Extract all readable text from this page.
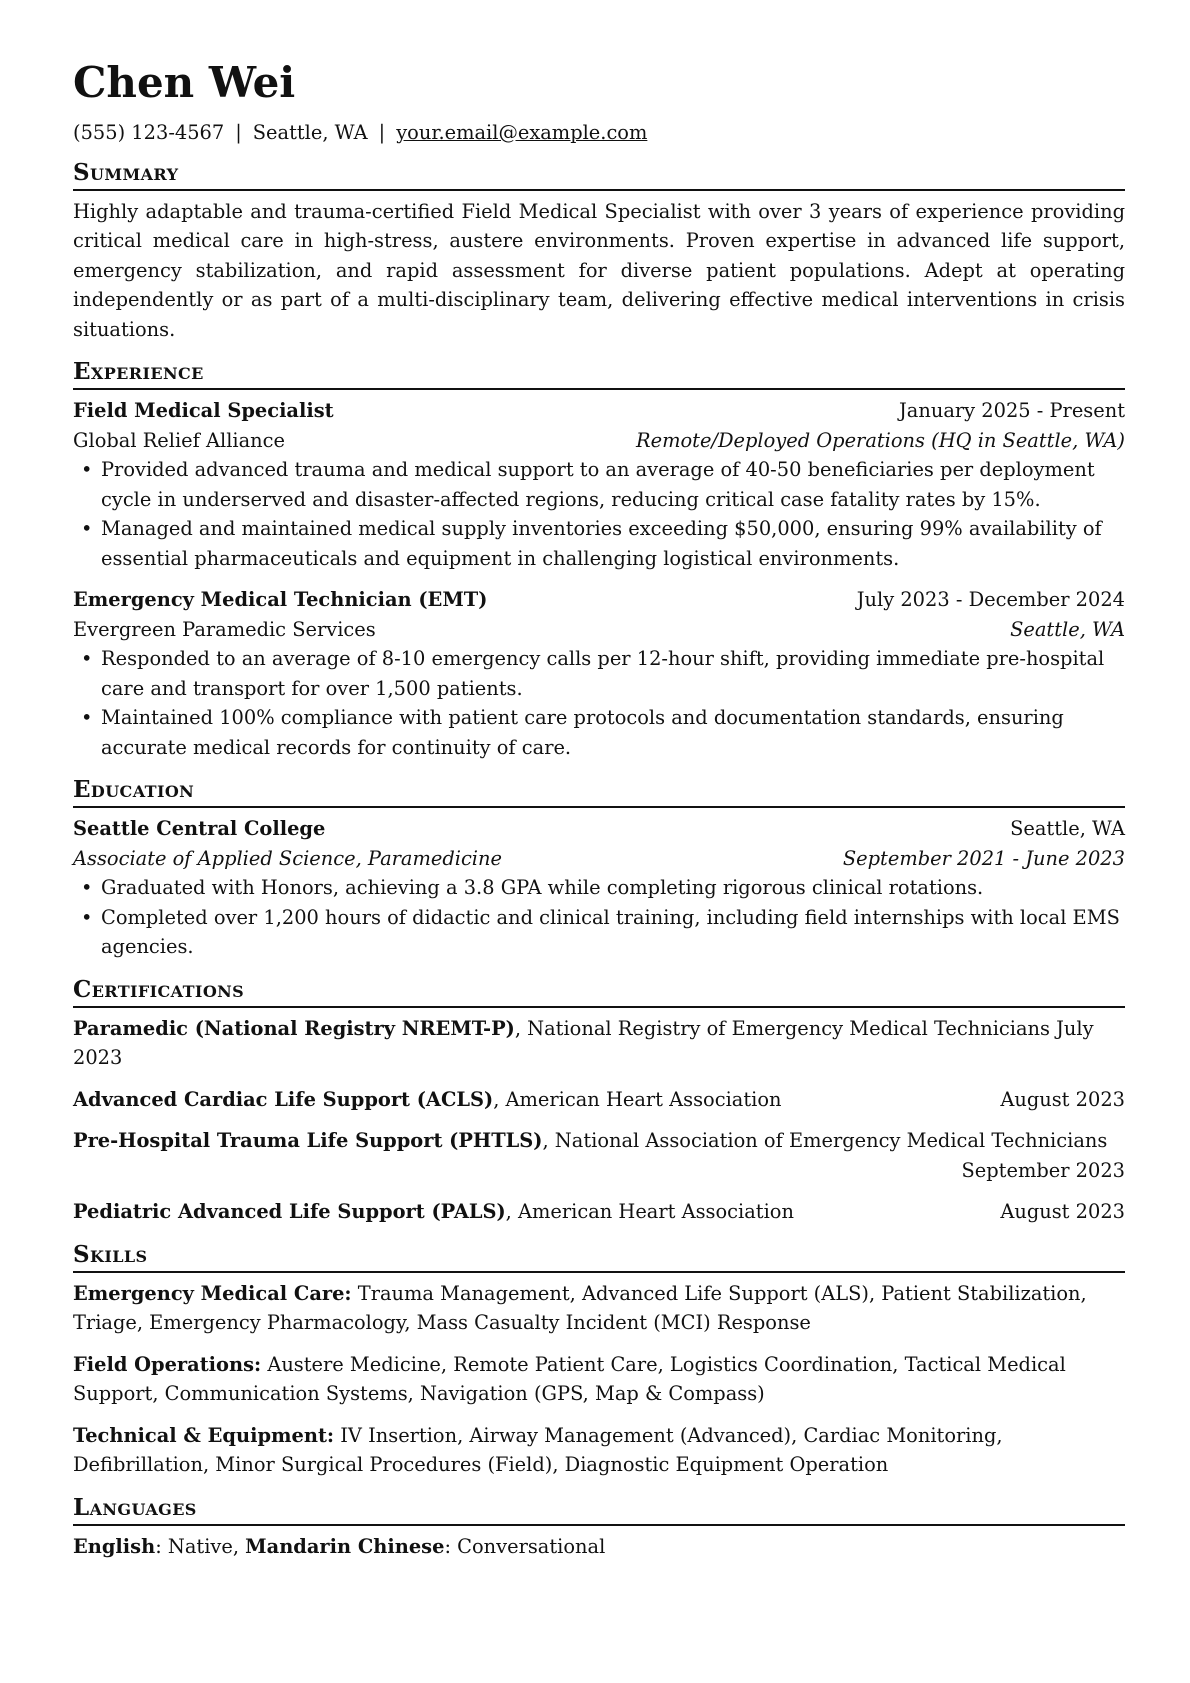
Chen Wei
(555) 123-4567 | Seattle, WA | your.email@example.com
Summary

Highly adaptable and trauma-certified Field Medical Specialist with over 3 years of experience providing critical medical care in high-stress, austere environments. Proven expertise in advanced life support, emergency stabilization, and rapid assessment for diverse patient populations. Adept at operating independently or as part of a multi-disciplinary team, delivering effective medical interventions in crisis situations.

Experience
Field Medical Specialist	January 2025 - Present
Global Relief Alliance	Remote/Deployed Operations (HQ in Seattle, WA)
• Provided advanced trauma and medical support to an average of 40-50 beneficiaries per deployment cycle in underserved and disaster-affected regions, reducing critical case fatality rates by 15%.
• Managed and maintained medical supply inventories exceeding $50,000, ensuring 99% availability of essential pharmaceuticals and equipment in challenging logistical environments.
Emergency Medical Technician (EMT)	July 2023 - December 2024
Evergreen Paramedic Services	Seattle, WA
• Responded to an average of 8-10 emergency calls per 12-hour shift, providing immediate pre-hospital care and transport for over 1,500 patients.
• Maintained 100% compliance with patient care protocols and documentation standards, ensuring accurate medical records for continuity of care.
Education
Seattle Central College	Seattle, WA
Associate of Applied Science, Paramedicine	September 2021 - June 2023
• Graduated with Honors, achieving a 3.8 GPA while completing rigorous clinical rotations.
• Completed over 1,200 hours of didactic and clinical training, including field internships with local EMS agencies.
Certifications
Paramedic (National Registry NREMT-P), National Registry of Emergency Medical Technicians July 2023
Advanced Cardiac Life Support (ACLS), American Heart Association	August 2023
Pre-Hospital Trauma Life Support (PHTLS), National Association of Emergency Medical Technicians
September 2023
Pediatric Advanced Life Support (PALS), American Heart Association	August 2023
Skills
Emergency Medical Care: Trauma Management, Advanced Life Support (ALS), Patient Stabilization, Triage, Emergency Pharmacology, Mass Casualty Incident (MCI) Response
Field Operations: Austere Medicine, Remote Patient Care, Logistics Coordination, Tactical Medical Support, Communication Systems, Navigation (GPS, Map & Compass)
Technical & Equipment: IV Insertion, Airway Management (Advanced), Cardiac Monitoring, Defibrillation, Minor Surgical Procedures (Field), Diagnostic Equipment Operation
Languages
English: Native, Mandarin Chinese: Conversational
